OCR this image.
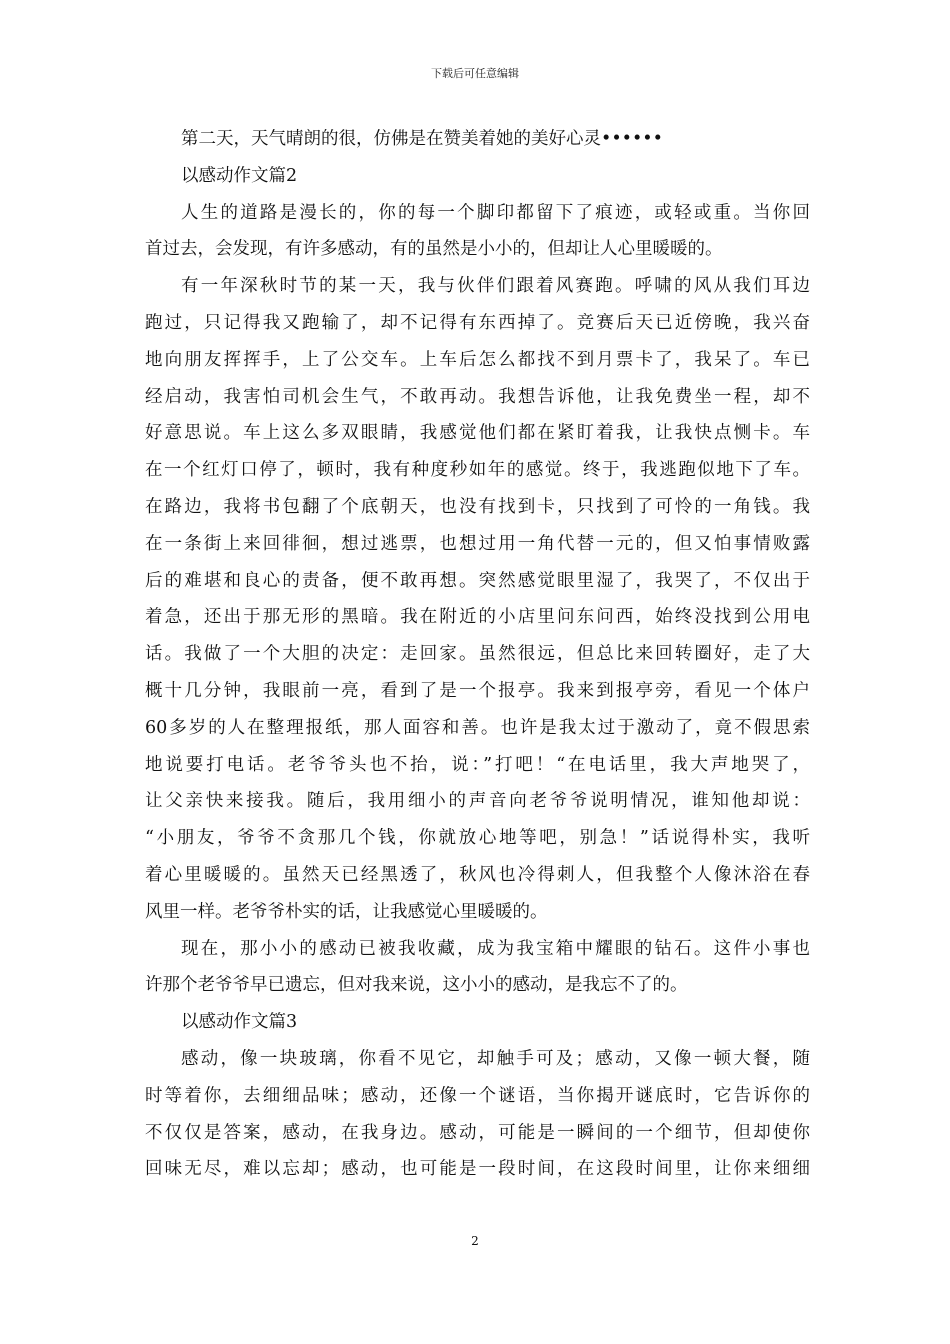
下载后可任意编辑
第二天，天气晴朗的很，仿佛是在赞美着她的美好心灵••••••
以感动作文篇2
人生的道路是漫长的，你的每一个脚印都留下了痕迹，或轻或重。当你回
首过去，会发现，有许多感动，有的虽然是小小的，但却让人心里暖暖的。
有一年深秋时节的某一天，我与伙伴们跟着风赛跑。呼啸的风从我们耳边
跑过，只记得我又跑输了，却不记得有东西掉了。竞赛后天已近傍晚，我兴奋
地向朋友挥挥手，上了公交车。上车后怎么都找不到月票卡了，我呆了。车已
经启动，我害怕司机会生气，不敢再动。我想告诉他，让我免费坐一程，却不
好意思说。车上这么多双眼睛，我感觉他们都在紧盯着我，让我快点恻卡。车
在一个红灯口停了，顿时，我有种度秒如年的感觉。终于，我逃跑似地下了车。
在路边，我将书包翻了个底朝天，也没有找到卡，只找到了可怜的一角钱。我
在一条街上来回徘徊，想过逃票，也想过用一角代替一元的，但又怕事情败露
后的难堪和良心的责备，便不敢再想。突然感觉眼里湿了，我哭了，不仅出于
着急，还出于那无形的黑暗。我在附近的小店里问东问西，始终没找到公用电
话。我做了一个大胆的决定：走回家。虽然很远，但总比来回转圈好，走了大
概十几分钟，我眼前一亮，看到了是一个报亭。我来到报亭旁，看见一个体户
60多岁的人在整理报纸，那人面容和善。也许是我太过于激动了，竟不假思索
地说要打电话。老爷爷头也不抬，说：”打吧！“在电话里，我大声地哭了，
让父亲快来接我。随后，我用细小的声音向老爷爷说明情况，谁知他却说：
“小朋友，爷爷不贪那几个钱，你就放心地等吧，别急！”话说得朴实，我听
着心里暖暖的。虽然天已经黑透了，秋风也冷得刺人，但我整个人像沐浴在春
风里一样。老爷爷朴实的话，让我感觉心里暖暖的。
现在，那小小的感动已被我收藏，成为我宝箱中耀眼的钻石。这件小事也
许那个老爷爷早已遗忘，但对我来说，这小小的感动，是我忘不了的。
以感动作文篇3
感动，像一块玻璃，你看不见它，却触手可及；感动，又像一顿大餐，随
时等着你，去细细品味；感动，还像一个谜语，当你揭开谜底时，它告诉你的
不仅仅是答案，感动，在我身边。感动，可能是一瞬间的一个细节，但却使你
回味无尽，难以忘却；感动，也可能是一段时间，在这段时间里，让你来细细
2
